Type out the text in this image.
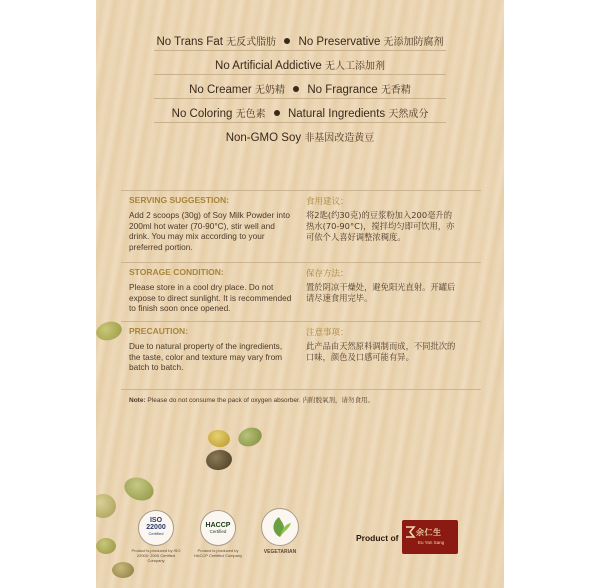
No Trans Fat 无反式脂肪 No Preservative 无添加防腐剂
No Artificial Addictive 无人工添加剂
No Creamer 无奶精 No Fragrance 无香精
No Coloring 无色素 Natural Ingredients 天然成分
Non-GMO Soy 非基因改造黄豆
SERVING SUGGESTION:	食用建议：
Add 2 scoops (30g) of Soy Milk Powder into 200ml hot water (70-90°C), stir well and drink. You may mix according to your preferred portion.
将2匙(约30克)的豆浆粉加入200毫升的热水(70-90°C)，搅拌均匀即可饮用，亦可依个人喜好调整浓稠度。
STORAGE CONDITION:	保存方法：
Please store in a cool dry place. Do not expose to direct sunlight. It is recommended to finish soon once opened.
置於阴凉干燥处，避免阳光直射。开罐后请尽速食用完毕。
PRECAUTION:	注意事项：
Due to natural property of the ingredients, the taste, color and texture may vary from batch to batch.
此产品由天然原料调制而成，不同批次的口味，颜色及口感可能有异。
Note: Please do not consume the pack of oxygen absorber. 内附脱氧剂，请勿食用。
ISO
22000
Certified
Product is produced by ISO 22000: 2005 Certified Company
HACCP
Certified
Product is produced by HACCP Certified Company
VEGETARIAN
Product of
余仁生
Eu Yan Sang
